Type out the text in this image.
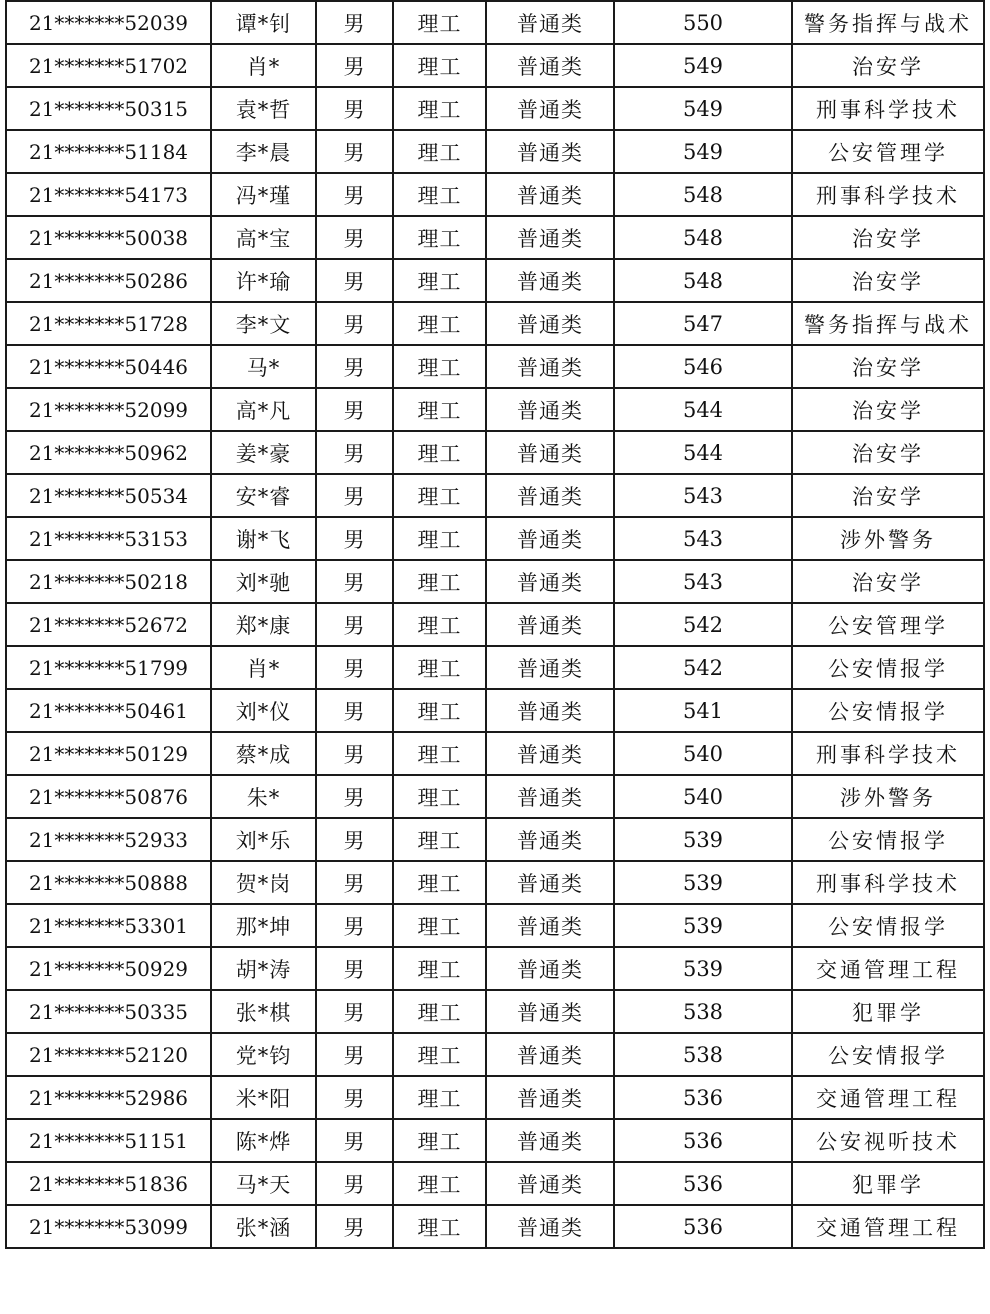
21*******52039	谭*钊	男	理工	普通类	550	警务指挥与战术
21*******51702	肖*	男	理工	普通类	549	治安学
21*******50315	袁*哲	男	理工	普通类	549	刑事科学技术
21*******51184	李*晨	男	理工	普通类	549	公安管理学
21*******54173	冯*瑾	男	理工	普通类	548	刑事科学技术
21*******50038	高*宝	男	理工	普通类	548	治安学
21*******50286	许*瑜	男	理工	普通类	548	治安学
21*******51728	李*文	男	理工	普通类	547	警务指挥与战术
21*******50446	马*	男	理工	普通类	546	治安学
21*******52099	高*凡	男	理工	普通类	544	治安学
21*******50962	姜*豪	男	理工	普通类	544	治安学
21*******50534	安*睿	男	理工	普通类	543	治安学
21*******53153	谢*飞	男	理工	普通类	543	涉外警务
21*******50218	刘*驰	男	理工	普通类	543	治安学
21*******52672	郑*康	男	理工	普通类	542	公安管理学
21*******51799	肖*	男	理工	普通类	542	公安情报学
21*******50461	刘*仪	男	理工	普通类	541	公安情报学
21*******50129	蔡*成	男	理工	普通类	540	刑事科学技术
21*******50876	朱*	男	理工	普通类	540	涉外警务
21*******52933	刘*乐	男	理工	普通类	539	公安情报学
21*******50888	贺*岗	男	理工	普通类	539	刑事科学技术
21*******53301	那*坤	男	理工	普通类	539	公安情报学
21*******50929	胡*涛	男	理工	普通类	539	交通管理工程
21*******50335	张*棋	男	理工	普通类	538	犯罪学
21*******52120	党*钧	男	理工	普通类	538	公安情报学
21*******52986	米*阳	男	理工	普通类	536	交通管理工程
21*******51151	陈*烨	男	理工	普通类	536	公安视听技术
21*******51836	马*天	男	理工	普通类	536	犯罪学
21*******53099	张*涵	男	理工	普通类	536	交通管理工程
